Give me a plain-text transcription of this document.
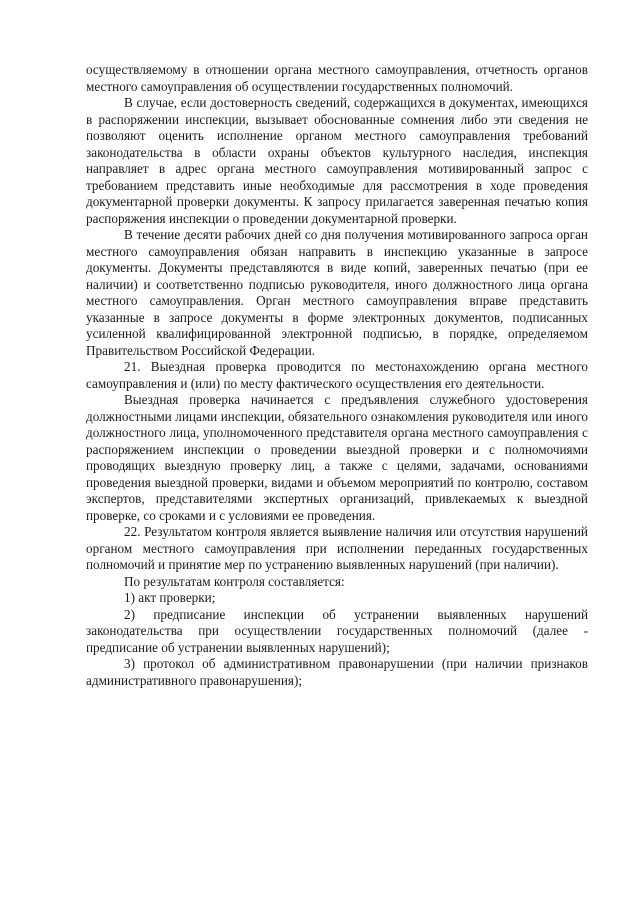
осуществляемому в отношении органа местного самоуправления, отчетность органов местного самоуправления об осуществлении государственных полномочий.

В случае, если достоверность сведений, содержащихся в документах, имеющихся в распоряжении инспекции, вызывает обоснованные сомнения либо эти сведения не позволяют оценить исполнение органом местного самоуправления требований законодательства в области охраны объектов культурного наследия, инспекция направляет в адрес органа местного самоуправления мотивированный запрос с требованием представить иные необходимые для рассмотрения в ходе проведения документарной проверки документы. К запросу прилагается заверенная печатью копия распоряжения инспекции о проведении документарной проверки.

В течение десяти рабочих дней со дня получения мотивированного запроса орган местного самоуправления обязан направить в инспекцию указанные в запросе документы. Документы представляются в виде копий, заверенных печатью (при ее наличии) и соответственно подписью руководителя, иного должностного лица органа местного самоуправления. Орган местного самоуправления вправе представить указанные в запросе документы в форме электронных документов, подписанных усиленной квалифицированной электронной подписью, в порядке, определяемом Правительством Российской Федерации.

21. Выездная проверка проводится по местонахождению органа местного самоуправления и (или) по месту фактического осуществления его деятельности.

Выездная проверка начинается с предъявления служебного удостоверения должностными лицами инспекции, обязательного ознакомления руководителя или иного должностного лица, уполномоченного представителя органа местного самоуправления с распоряжением инспекции о проведении выездной проверки и с полномочиями проводящих выездную проверку лиц, а также с целями, задачами, основаниями проведения выездной проверки, видами и объемом мероприятий по контролю, составом экспертов, представителями экспертных организаций, привлекаемых к выездной проверке, со сроками и с условиями ее проведения.

22. Результатом контроля является выявление наличия или отсутствия нарушений органом местного самоуправления при исполнении переданных государственных полномочий и принятие мер по устранению выявленных нарушений (при наличии).

По результатам контроля составляется:

1) акт проверки;

2) предписание инспекции об устранении выявленных нарушений законодательства при осуществлении государственных полномочий (далее - предписание об устранении выявленных нарушений);

3) протокол об административном правонарушении (при наличии признаков административного правонарушения);
